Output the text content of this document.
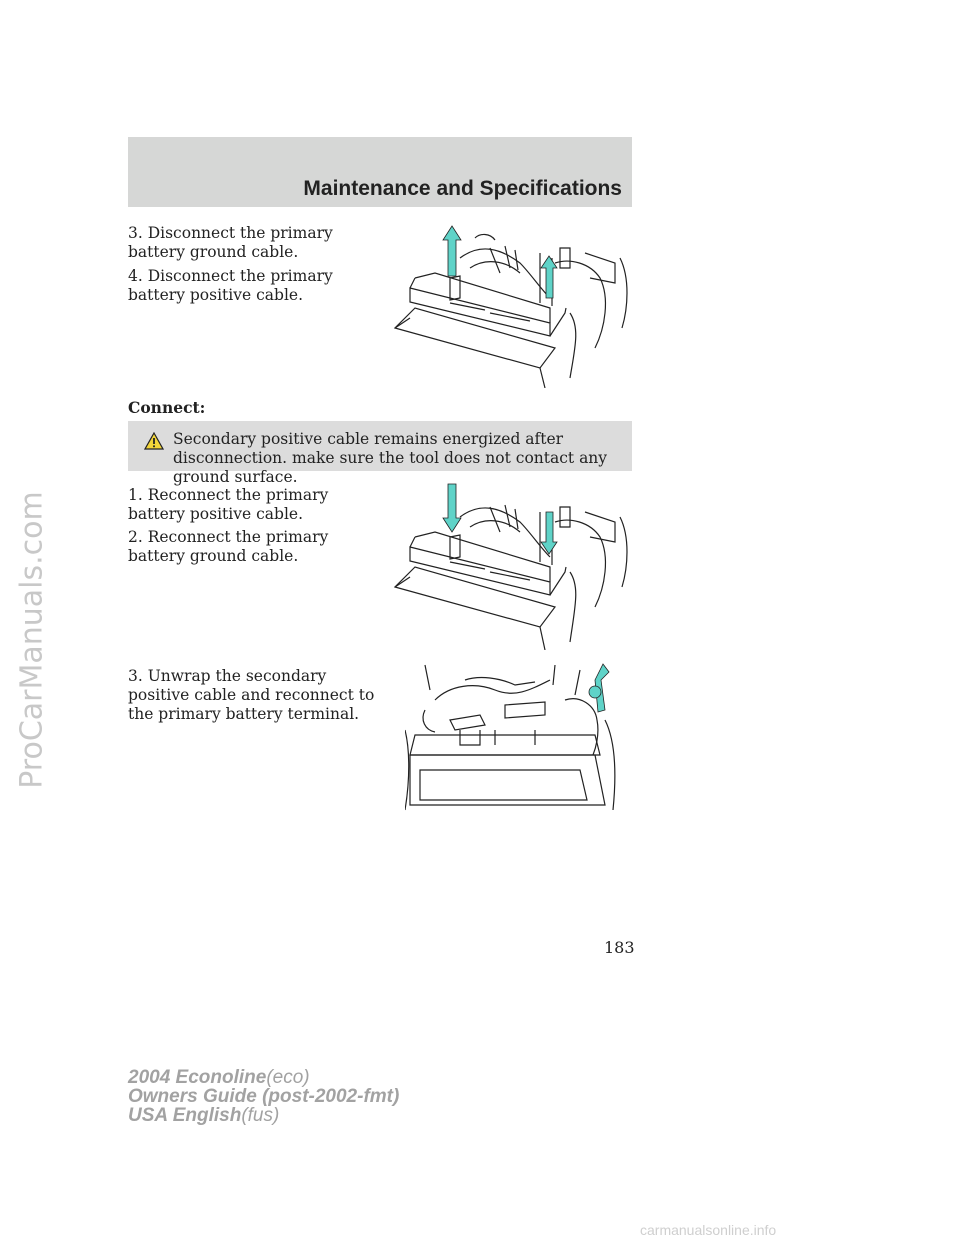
ProCarManuals.com
Maintenance and Specifications

3. Disconnect the primary battery ground cable.

4. Disconnect the primary battery positive cable.

Connect:

Secondary positive cable remains energized after disconnection. make sure the tool does not contact any ground surface.

1. Reconnect the primary battery positive cable.

2. Reconnect the primary battery ground cable.

3. Unwrap the secondary positive cable and reconnect to the primary battery terminal.

183
2004 Econoline(eco)
Owners Guide (post-2002-fmt)
USA English(fus)
carmanualsonline.info
